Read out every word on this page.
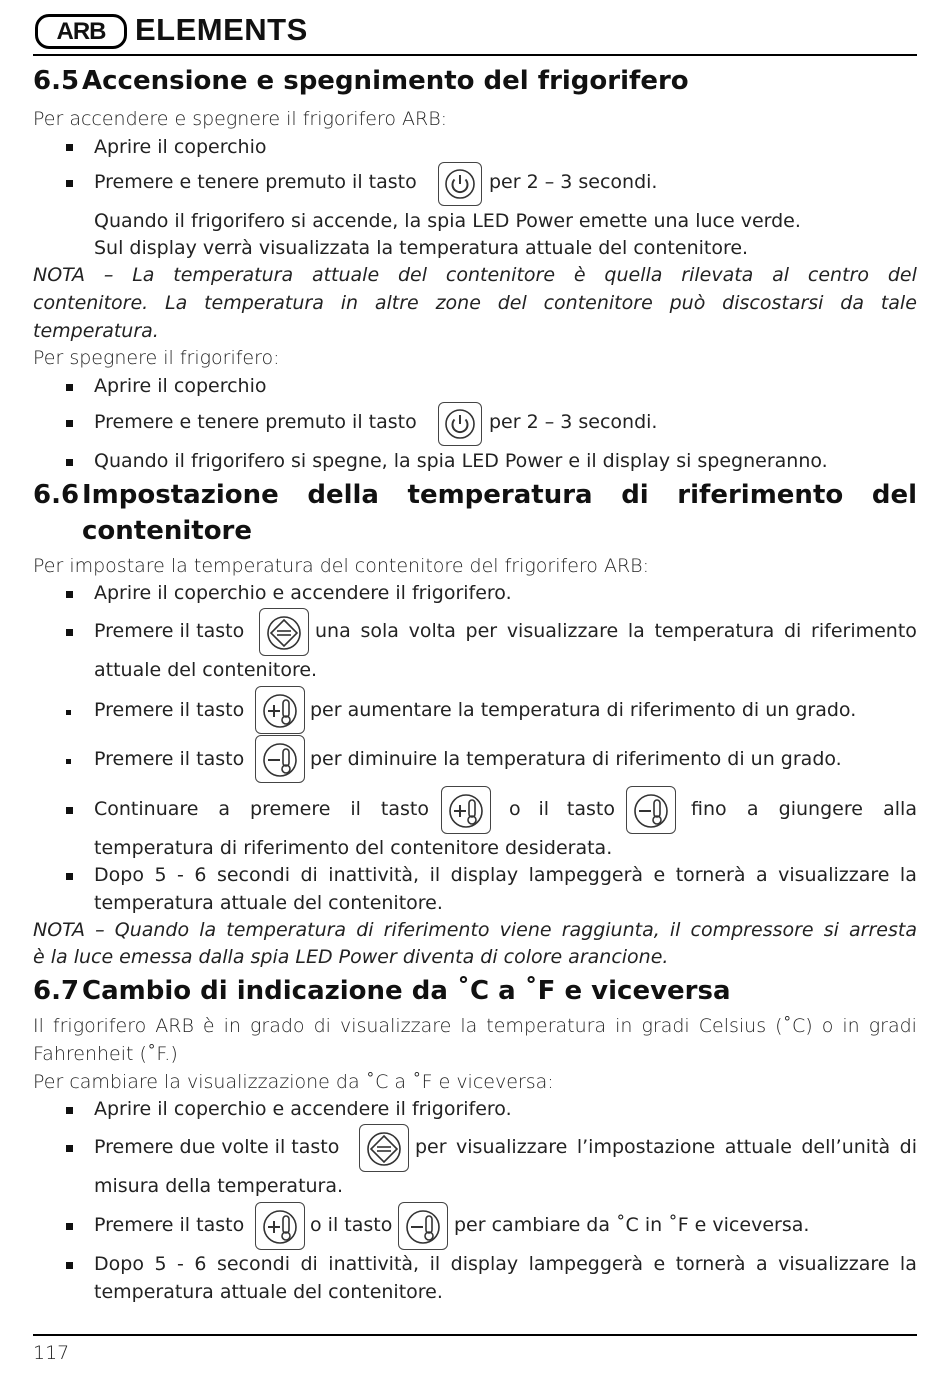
ARB ELEMENTS
6.5 Accensione e spegnimento del frigorifero
Per accendere e spegnere il frigorifero ARB:
Aprire il coperchio
Premere e tenere premuto il tasto	per 2 – 3 secondi.
Quando il frigorifero si accende, la spia LED Power emette una luce verde.
Sul display verrà visualizzata la temperatura attuale del contenitore.
NOTA – La temperatura attuale del contenitore è quella rilevata al centro del
contenitore. La temperatura in altre zone del contenitore può discostarsi da tale
temperatura.
Per spegnere il frigorifero:
Aprire il coperchio
Premere e tenere premuto il tasto	per 2 – 3 secondi.
Quando il frigorifero si spegne, la spia LED Power e il display si spegneranno.
6.6 Impostazione della temperatura di riferimento del
contenitore
Per impostare la temperatura del contenitore del frigorifero ARB:
Aprire il coperchio e accendere il frigorifero.
Premere il tasto	una sola volta per visualizzare la temperatura di riferimento
attuale del contenitore.
Premere il tasto	per aumentare la temperatura di riferimento di un grado.
Premere il tasto	per diminuire la temperatura di riferimento di un grado.
Continuare a premere il tasto	o il tasto	fino a giungere alla
temperatura di riferimento del contenitore desiderata.
Dopo 5 - 6 secondi di inattività, il display lampeggerà e tornerà a visualizzare la
temperatura attuale del contenitore.
NOTA – Quando la temperatura di riferimento viene raggiunta, il compressore si arresta
è la luce emessa dalla spia LED Power diventa di colore arancione.
6.7 Cambio di indicazione da ˚C a ˚F e viceversa
Il frigorifero ARB è in grado di visualizzare la temperatura in gradi Celsius (˚C) o in gradi
Fahrenheit (˚F.)
Per cambiare la visualizzazione da ˚C a ˚F e viceversa:
Aprire il coperchio e accendere il frigorifero.
Premere due volte il tasto	per visualizzare l’impostazione attuale dell’unità di
misura della temperatura.
Premere il tasto	o il tasto	per cambiare da ˚C in ˚F e viceversa.
Dopo 5 - 6 secondi di inattività, il display lampeggerà e tornerà a visualizzare la
temperatura attuale del contenitore.
117
